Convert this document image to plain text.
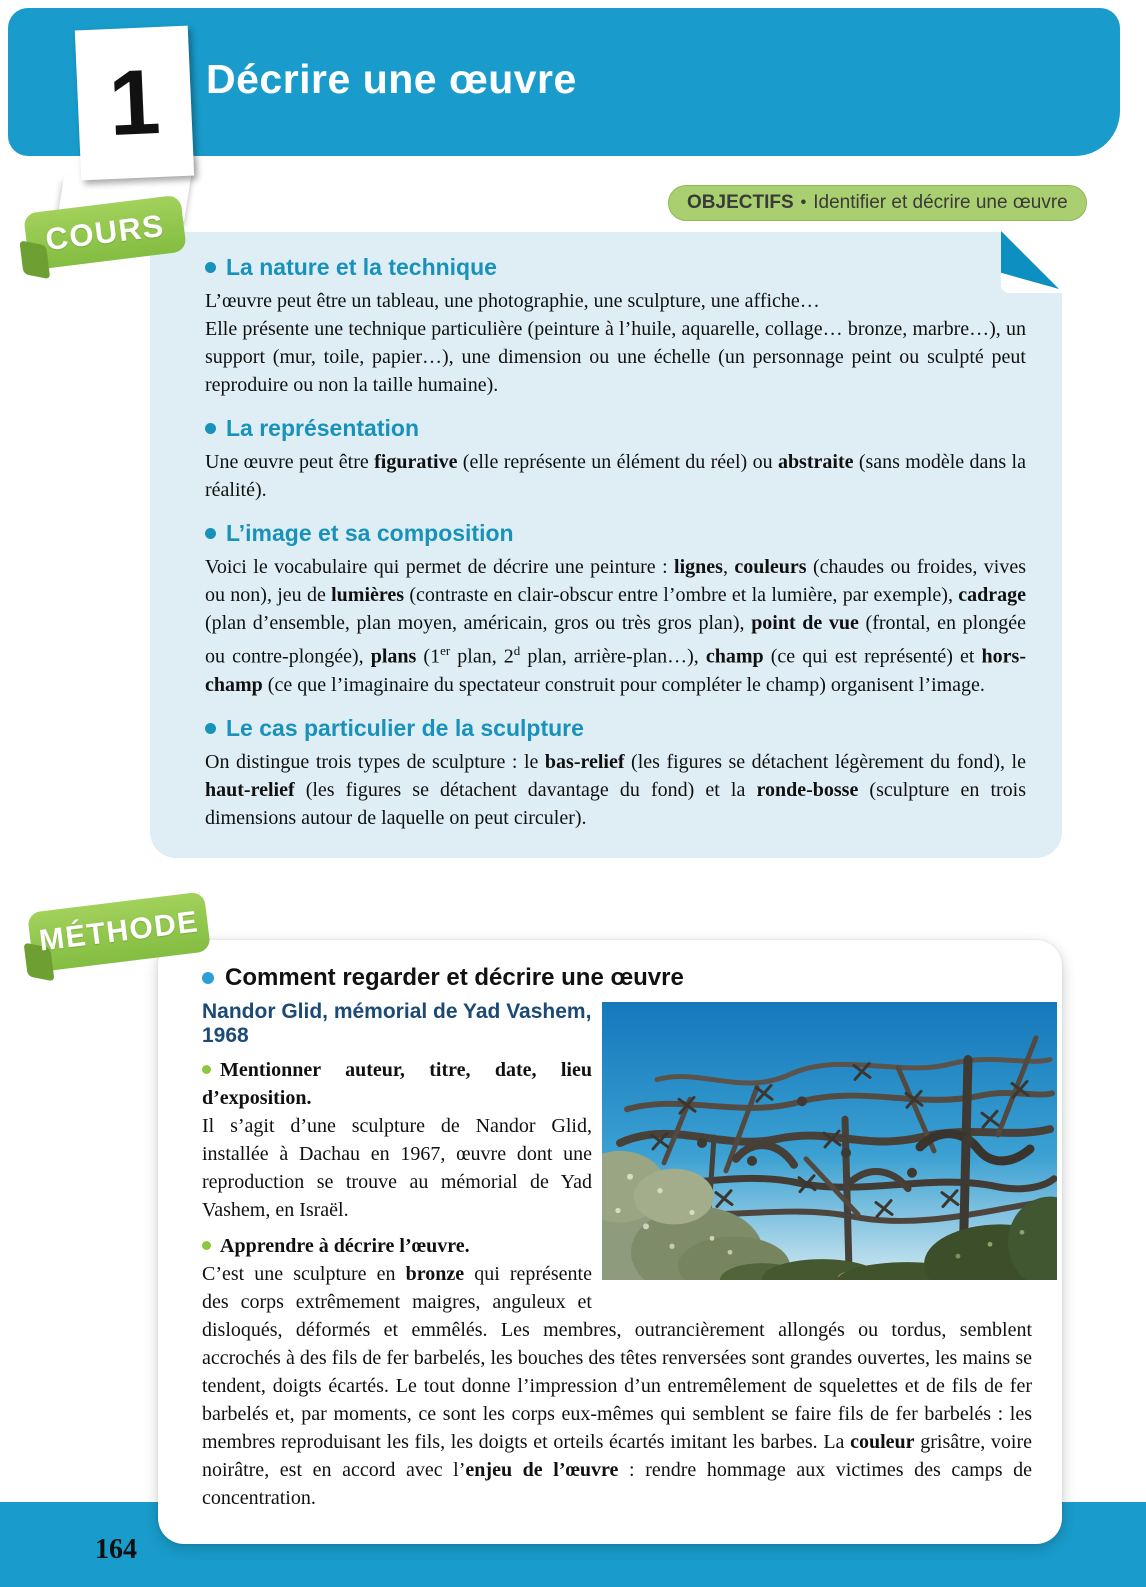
Décrire une œuvre
1
OBJECTIFS • Identifier et décrire une œuvre
COURS
La nature et la technique

L’œuvre peut être un tableau, une photographie, une sculpture, une affiche…

Elle présente une technique particulière (peinture à l’huile, aquarelle, collage… bronze, marbre…), un support (mur, toile, papier…), une dimension ou une échelle (un personnage peint ou sculpté peut reproduire ou non la taille humaine).

La représentation

Une œuvre peut être figurative (elle représente un élément du réel) ou abstraite (sans modèle dans la réalité).

L’image et sa composition

Voici le vocabulaire qui permet de décrire une peinture : lignes, couleurs (chaudes ou froides, vives ou non), jeu de lumières (contraste en clair-obscur entre l’ombre et la lumière, par exemple), cadrage (plan d’ensemble, plan moyen, américain, gros ou très gros plan), point de vue (frontal, en plongée ou contre-plongée), plans (1er plan, 2$^d$ plan, arrière-plan…), champ (ce qui est représenté) et hors-champ (ce que l’imaginaire du spectateur construit pour compléter le champ) organisent l’image.

Le cas particulier de la sculpture

On distingue trois types de sculpture : le bas-relief (les figures se détachent légèrement du fond), le haut-relief (les figures se détachent davantage du fond) et la ronde-bosse (sculpture en trois dimensions autour de laquelle on peut circuler).

MÉTHODE
Comment regarder et décrire une œuvre

Nandor Glid, mémorial de Yad Vashem, 1968

Mentionner auteur, titre, date, lieu d’exposition.

Il s’agit d’une sculpture de Nandor Glid, installée à Dachau en 1967, œuvre dont une reproduction se trouve au mémorial de Yad Vashem, en Israël.

Apprendre à décrire l’œuvre.

C’est une sculpture en bronze qui représente des corps extrêmement maigres, anguleux et disloqués, déformés et emmêlés. Les membres, outrancièrement allongés ou tordus, semblent accrochés à des fils de fer barbelés, les bouches des têtes renversées sont grandes ouvertes, les mains se tendent, doigts écartés. Le tout donne l’impression d’un entremêlement de squelettes et de fils de fer barbelés et, par moments, ce sont les corps eux-mêmes qui semblent se faire fils de fer barbelés : les membres reproduisant les fils, les doigts et orteils écartés imitant les barbes. La couleur grisâtre, voire noirâtre, est en accord avec l’enjeu de l’œuvre : rendre hommage aux victimes des camps de concentration.

164
